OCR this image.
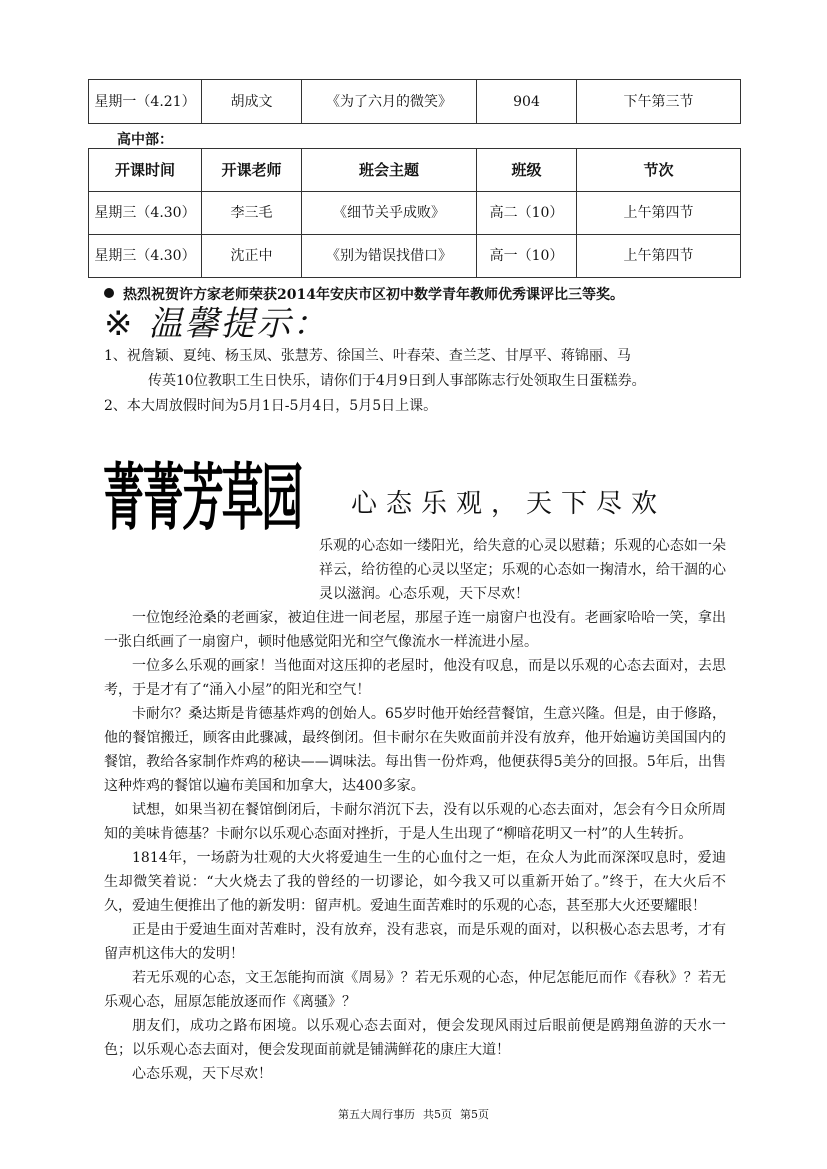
星期一（4.21）	胡成文	《为了六月的微笑》	904	下午第三节
高中部：
开课时间	开课老师	班会主题	班级	节次
星期三（4.30）	李三毛	《细节关乎成败》	高二（10）	上午第四节
星期三（4.30）	沈正中	《别为错误找借口》	高一（10）	上午第四节
热烈祝贺许方家老师荣获2014年安庆市区初中数学青年教师优秀课评比三等奖。
※ 温馨提示：
1、祝詹颖、夏纯、杨玉凤、张慧芳、徐国兰、叶春荣、查兰芝、甘厚平、蒋锦丽、马
传英10位教职工生日快乐，请你们于4月9日到人事部陈志行处领取生日蛋糕券。
2、本大周放假时间为5月1日-5月4日，5月5日上课。
菁
菁
芳
草
园 心态乐观，天下尽欢

乐观的心态如一缕阳光，给失意的心灵以慰藉；乐观的心态如一朵祥云，给彷徨的心灵以坚定；乐观的心态如一掬清水，给干涸的心灵以滋润。心态乐观，天下尽欢！

一位饱经沧桑的老画家，被迫住进一间老屋，那屋子连一扇窗户也没有。老画家哈哈一笑，拿出一张白纸画了一扇窗户，顿时他感觉阳光和空气像流水一样流进小屋。

一位多么乐观的画家！当他面对这压抑的老屋时，他没有叹息，而是以乐观的心态去面对，去思考，于是才有了“涌入小屋”的阳光和空气！

卡耐尔？桑达斯是肯德基炸鸡的创始人。65岁时他开始经营餐馆，生意兴隆。但是，由于修路，他的餐馆搬迁，顾客由此骤减，最终倒闭。但卡耐尔在失败面前并没有放弃，他开始遍访美国国内的餐馆，教给各家制作炸鸡的秘诀——调味法。每出售一份炸鸡，他便获得5美分的回报。5年后，出售这种炸鸡的餐馆以遍布美国和加拿大，达400多家。

试想，如果当初在餐馆倒闭后，卡耐尔消沉下去，没有以乐观的心态去面对，怎会有今日众所周知的美味肯德基？卡耐尔以乐观心态面对挫折，于是人生出现了“柳暗花明又一村”的人生转折。

1814年，一场蔚为壮观的大火将爱迪生一生的心血付之一炬，在众人为此而深深叹息时，爱迪生却微笑着说：“大火烧去了我的曾经的一切谬论，如今我又可以重新开始了。”终于，在大火后不久，爱迪生便推出了他的新发明：留声机。爱迪生面苦难时的乐观的心态，甚至那大火还要耀眼！

正是由于爱迪生面对苦难时，没有放弃，没有悲哀，而是乐观的面对，以积极心态去思考，才有留声机这伟大的发明！

若无乐观的心态，文王怎能拘而演《周易》？若无乐观的心态，仲尼怎能厄而作《春秋》？若无乐观心态，屈原怎能放逐而作《离骚》？

朋友们，成功之路布困境。以乐观心态去面对，便会发现风雨过后眼前便是鸥翔鱼游的天水一色；以乐观心态去面对，便会发现面前就是铺满鲜花的康庄大道！

心态乐观，天下尽欢！

第五大周行事历 共5页 第5页
